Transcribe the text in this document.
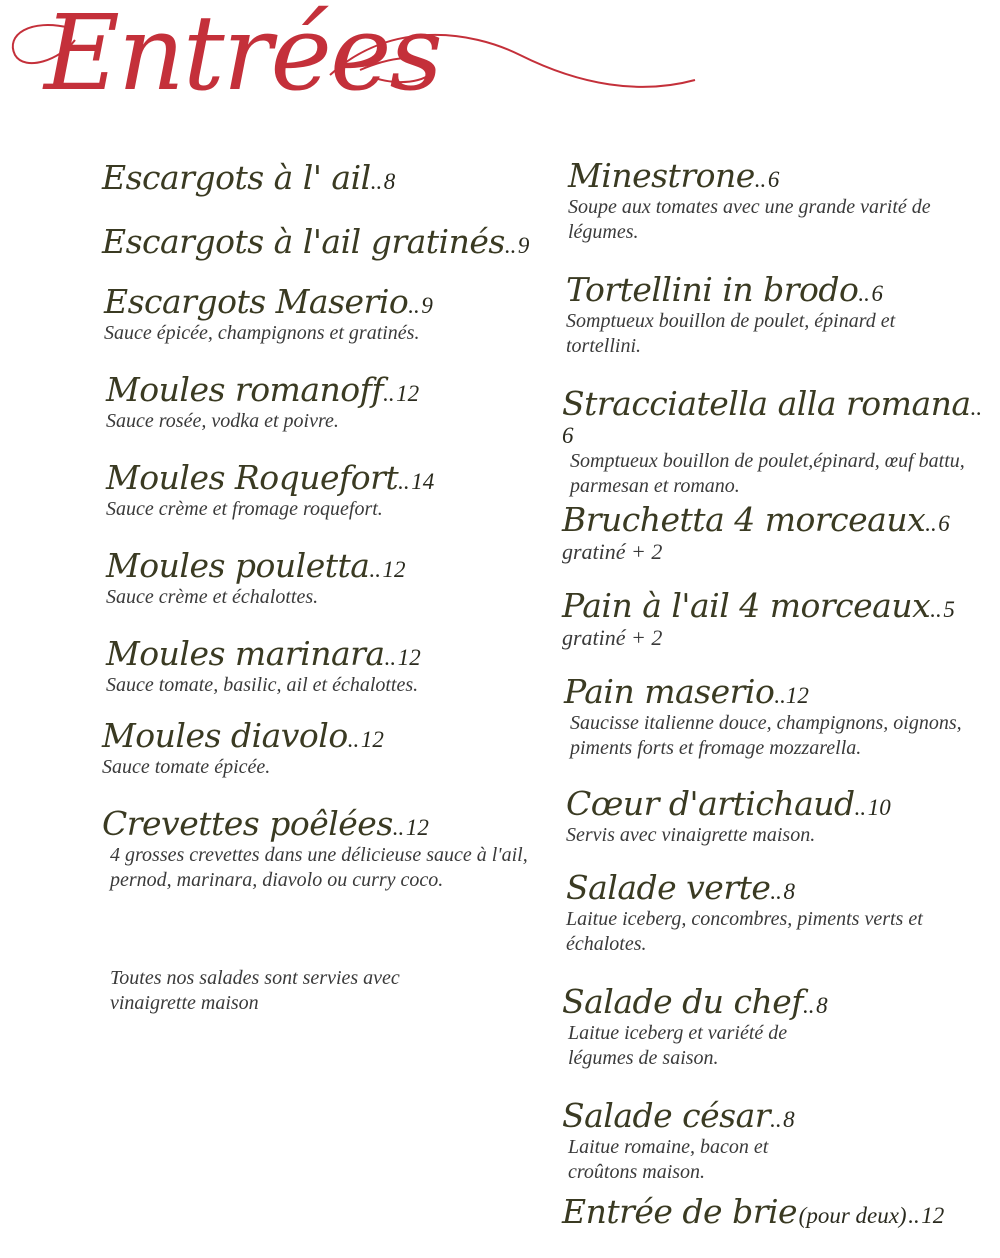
Entrées
Escargots à l' ail.. 8
Escargots à l'ail gratinés.. 9
Escargots Maserio.. 9
Sauce épicée, champignons et gratinés.
Moules romanoff.. 12
Sauce rosée, vodka et poivre.
Moules Roquefort.. 14
Sauce crème et fromage roquefort.
Moules pouletta.. 12
Sauce crème et échalottes.
Moules marinara.. 12
Sauce tomate, basilic, ail et échalottes.
Moules diavolo.. 12
Sauce tomate épicée.
Crevettes poêlées.. 12
4 grosses crevettes dans une délicieuse sauce à l'ail, pernod, marinara, diavolo ou curry coco.
Toutes nos salades sont servies avec vinaigrette maison
Minestrone.. 6
Soupe aux tomates avec une grande varité de légumes.
Tortellini in brodo.. 6
Somptueux bouillon de poulet, épinard et tortellini.
Stracciatella alla romana.. 6
Somptueux bouillon de poulet,épinard, œuf battu, parmesan et romano.
Bruchetta 4 morceaux.. 6
gratiné + 2
Pain à l'ail 4 morceaux.. 5
gratiné + 2
Pain maserio..12
Saucisse italienne douce, champignons, oignons, piments forts et fromage mozzarella.
Cœur d'artichaud.. 10
Servis avec vinaigrette maison.
Salade verte.. 8
Laitue iceberg, concombres, piments verts et échalotes.
Salade du chef.. 8
Laitue iceberg et variété de légumes de saison.
Salade césar.. 8
Laitue romaine, bacon et croûtons maison.
Entrée de brie (pour deux) .. 12
